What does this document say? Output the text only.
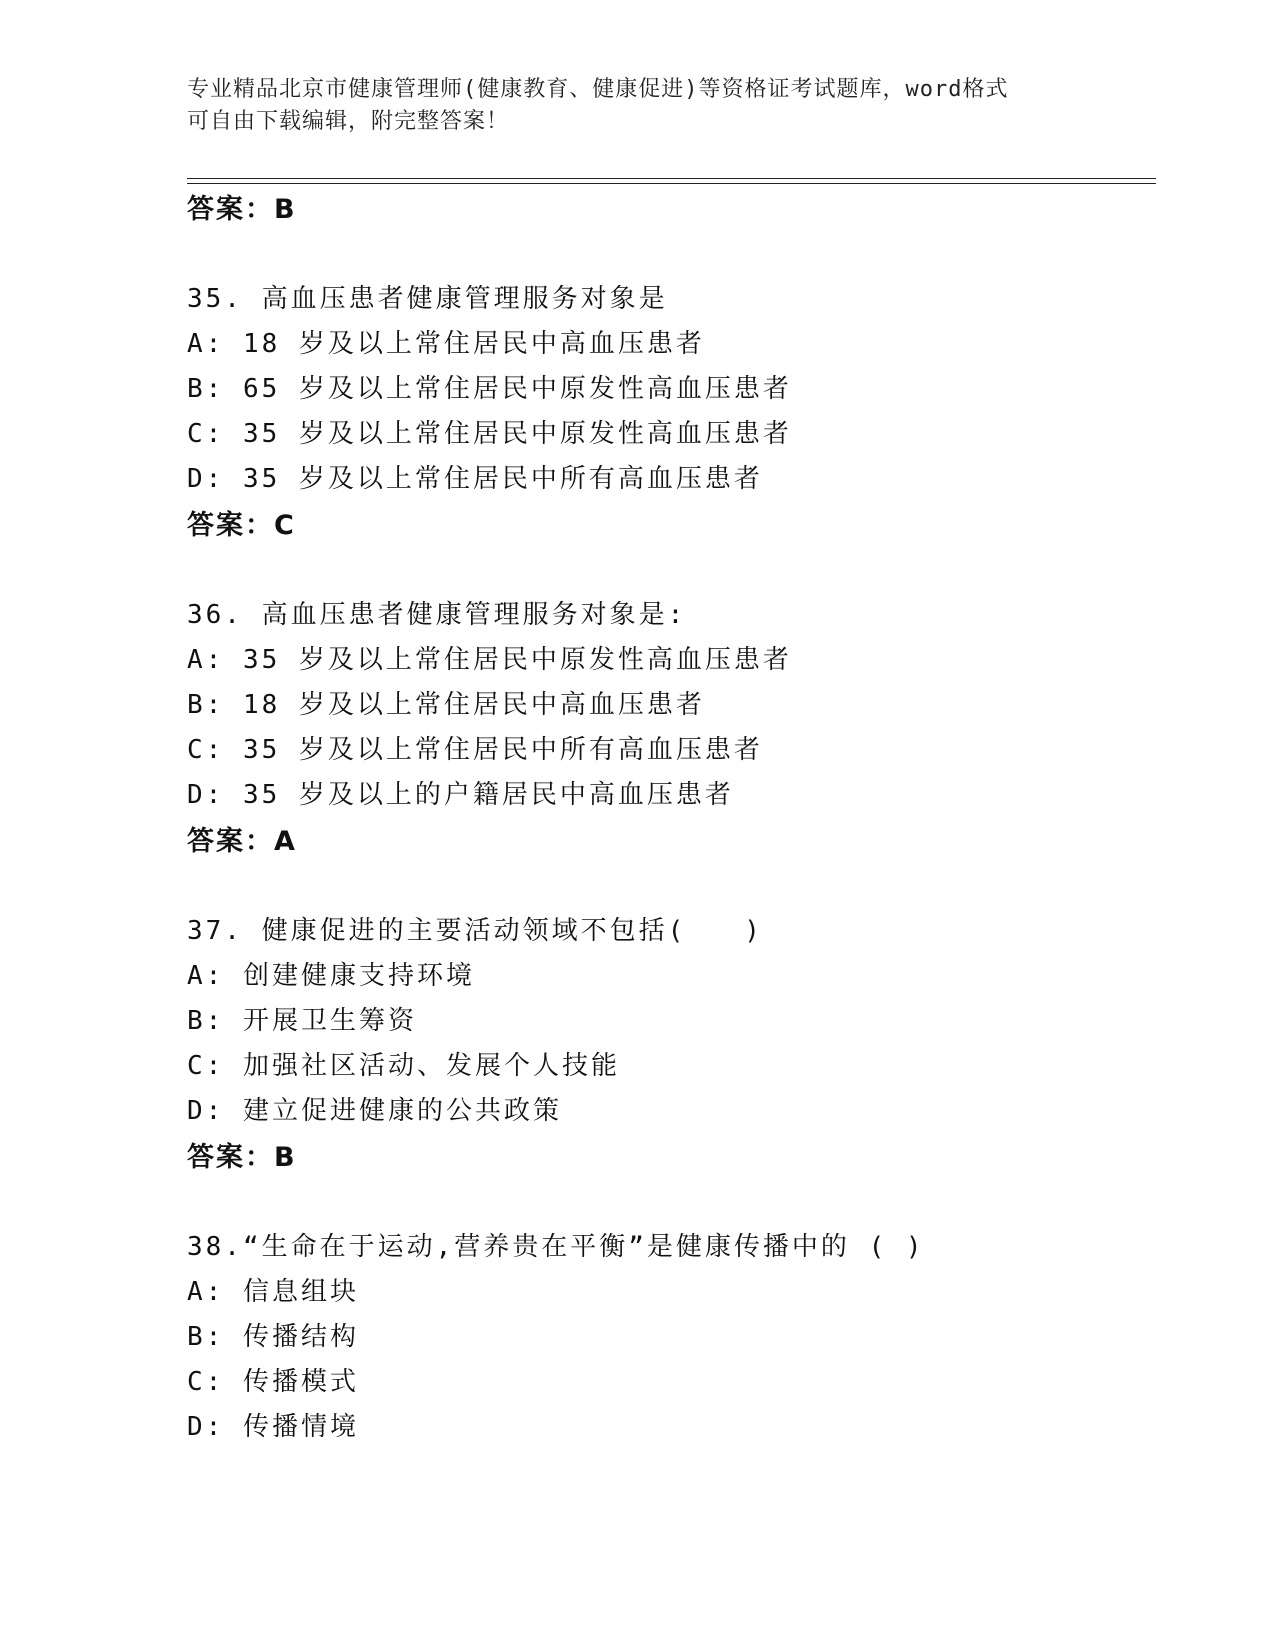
专业精品北京市健康管理师(健康教育、健康促进)等资格证考试题库，word格式
可自由下载编辑，附完整答案！
答案：B
35. 高血压患者健康管理服务对象是
A: 18 岁及以上常住居民中高血压患者
B: 65 岁及以上常住居民中原发性高血压患者
C: 35 岁及以上常住居民中原发性高血压患者
D: 35 岁及以上常住居民中所有高血压患者
答案：C
36. 高血压患者健康管理服务对象是:
A: 35 岁及以上常住居民中原发性高血压患者
B: 18 岁及以上常住居民中高血压患者
C: 35 岁及以上常住居民中所有高血压患者
D: 35 岁及以上的户籍居民中高血压患者
答案：A
37. 健康促进的主要活动领域不包括(　　)
A: 创建健康支持环境
B: 开展卫生筹资
C: 加强社区活动、发展个人技能
D: 建立促进健康的公共政策
答案：B
38.“生命在于运动,营养贵在平衡”是健康传播中的 ( )
A: 信息组块
B: 传播结构
C: 传播模式
D: 传播情境
